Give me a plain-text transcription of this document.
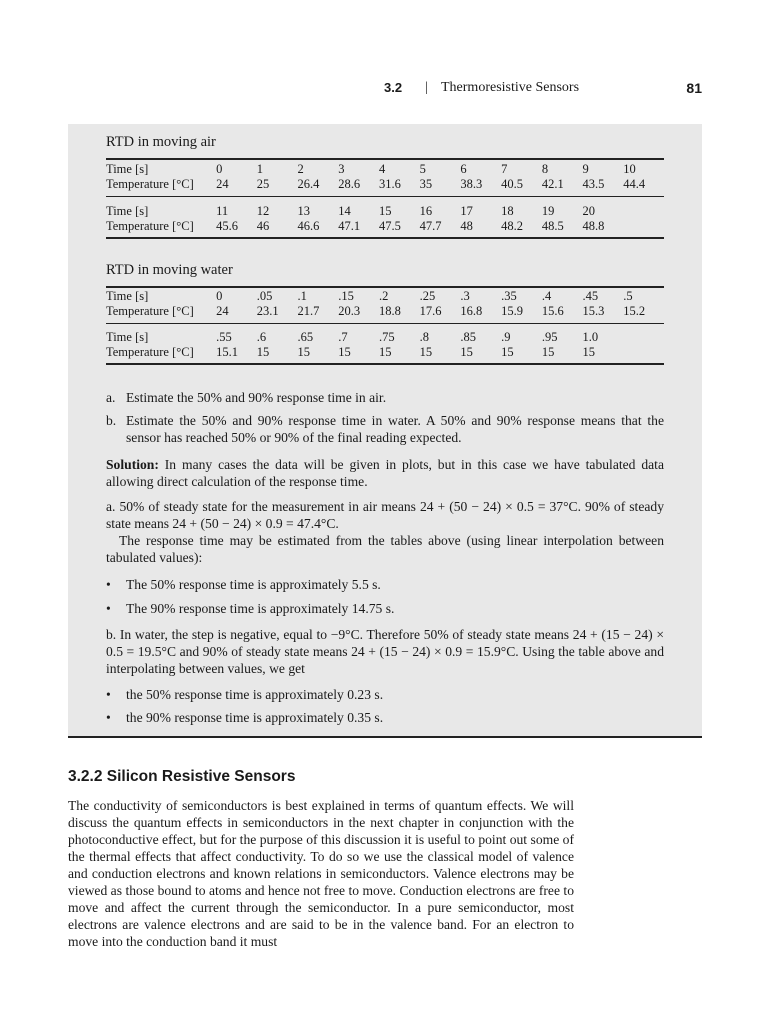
3.2 | Thermoresistive Sensors	81
RTD in moving air
Time [s]	0	1	2	3	4	5	6	7	8	9	10
Temperature [°C]	24	25	26.4	28.6	31.6	35	38.3	40.5	42.1	43.5	44.4
Time [s]	11	12	13	14	15	16	17	18	19	20	
Temperature [°C]	45.6	46	46.6	47.1	47.5	47.7	48	48.2	48.5	48.8	
RTD in moving water
Time [s]	0	.05	.1	.15	.2	.25	.3	.35	.4	.45	.5
Temperature [°C]	24	23.1	21.7	20.3	18.8	17.6	16.8	15.9	15.6	15.3	15.2
Time [s]	.55	.6	.65	.7	.75	.8	.85	.9	.95	1.0	
Temperature [°C]	15.1	15	15	15	15	15	15	15	15	15	
a. Estimate the 50% and 90% response time in air.

b. Estimate the 50% and 90% response time in water. A 50% and 90% response means that the sensor has reached 50% or 90% of the final reading expected.

Solution: In many cases the data will be given in plots, but in this case we have tabulated data allowing direct calculation of the response time.

a. 50% of steady state for the measurement in air means 24 + (50 − 24) × 0.5 = 37°C. 90% of steady state means 24 + (50 − 24) × 0.9 = 47.4°C.

The response time may be estimated from the tables above (using linear interpolation between tabulated values):

• The 50% response time is approximately 5.5 s.

• The 90% response time is approximately 14.75 s.

b. In water, the step is negative, equal to −9°C. Therefore 50% of steady state means 24 + (15 − 24) × 0.5 = 19.5°C and 90% of steady state means 24 + (15 − 24) × 0.9 = 15.9°C. Using the table above and interpolating between values, we get

• the 50% response time is approximately 0.23 s.

• the 90% response time is approximately 0.35 s.

3.2.2 Silicon Resistive Sensors

The conductivity of semiconductors is best explained in terms of quantum effects. We will discuss the quantum effects in semiconductors in the next chapter in conjunction with the photoconductive effect, but for the purpose of this discussion it is useful to point out some of the thermal effects that affect conductivity. To do so we use the classical model of valence and conduction electrons and known relations in semiconductors. Valence electrons may be viewed as those bound to atoms and hence not free to move. Conduction electrons are free to move and affect the current through the semiconductor. In a pure semiconductor, most electrons are valence electrons and are said to be in the valence band. For an electron to move into the conduction band it must
